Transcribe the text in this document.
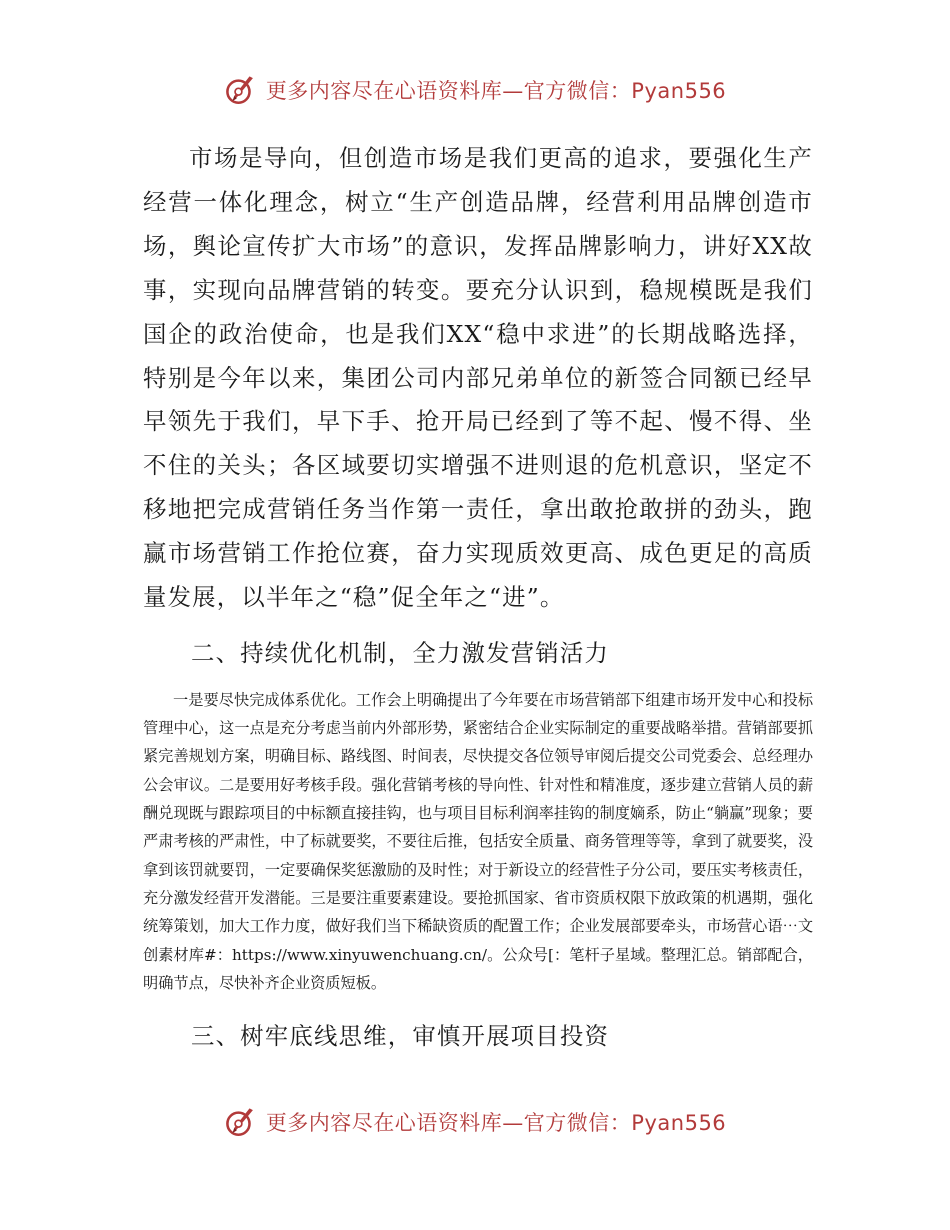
更多内容尽在心语资料库—官方微信：Pyan556

市场是导向，但创造市场是我们更高的追求，要强化生产经营一体化理念，树立“生产创造品牌，经营利用品牌创造市场，舆论宣传扩大市场”的意识，发挥品牌影响力，讲好XX故事，实现向品牌营销的转变。要充分认识到，稳规模既是我们国企的政治使命，也是我们XX“稳中求进”的长期战略选择，特别是今年以来，集团公司内部兄弟单位的新签合同额已经早早领先于我们，早下手、抢开局已经到了等不起、慢不得、坐不住的关头；各区域要切实增强不进则退的危机意识，坚定不移地把完成营销任务当作第一责任，拿出敢抢敢拼的劲头，跑赢市场营销工作抢位赛，奋力实现质效更高、成色更足的高质量发展，以半年之“稳”促全年之“进”。

二、持续优化机制，全力激发营销活力

一是要尽快完成体系优化。工作会上明确提出了今年要在市场营销部下组建市场开发中心和投标管理中心，这一点是充分考虑当前内外部形势，紧密结合企业实际制定的重要战略举措。营销部要抓紧完善规划方案，明确目标、路线图、时间表，尽快提交各位领导审阅后提交公司党委会、总经理办公会审议。二是要用好考核手段。强化营销考核的导向性、针对性和精准度，逐步建立营销人员的薪酬兑现既与跟踪项目的中标额直接挂钩，也与项目目标利润率挂钩的制度嫡系，防止“躺赢”现象；要严肃考核的严肃性，中了标就要奖，不要往后推，包括安全质量、商务管理等等，拿到了就要奖，没拿到该罚就要罚，一定要确保奖惩激励的及时性；对于新设立的经营性子分公司，要压实考核责任，充分激发经营开发潜能。三是要注重要素建设。要抢抓国家、省市资质权限下放政策的机遇期，强化统筹策划，加大工作力度，做好我们当下稀缺资质的配置工作；企业发展部要牵头，市场营心语⋯文创素材库#：https://www.xinyuwenchuang.cn/。公众号[：笔杆子星域。整理汇总。销部配合，明确节点，尽快补齐企业资质短板。

三、树牢底线思维，审慎开展项目投资

更多内容尽在心语资料库—官方微信：Pyan556
